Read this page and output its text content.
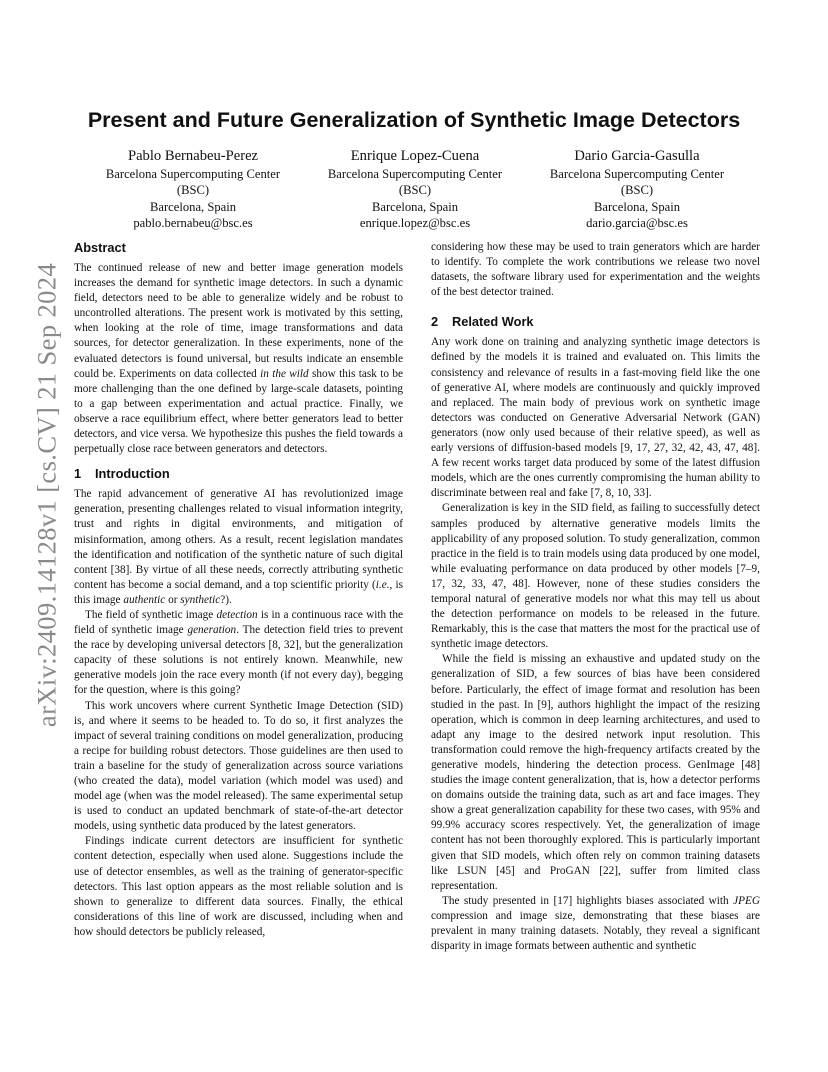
arXiv:2409.14128v1 [cs.CV] 21 Sep 2024
Present and Future Generalization of Synthetic Image Detectors
Pablo Bernabeu-Perez
Barcelona Supercomputing Center
(BSC)
Barcelona, Spain
pablo.bernabeu@bsc.es
Enrique Lopez-Cuena
Barcelona Supercomputing Center
(BSC)
Barcelona, Spain
enrique.lopez@bsc.es
Dario Garcia-Gasulla
Barcelona Supercomputing Center
(BSC)
Barcelona, Spain
dario.garcia@bsc.es
Abstract

The continued release of new and better image generation models increases the demand for synthetic image detectors. In such a dynamic field, detectors need to be able to generalize widely and be robust to uncontrolled alterations. The present work is motivated by this setting, when looking at the role of time, image transformations and data sources, for detector generalization. In these experiments, none of the evaluated detectors is found universal, but results indicate an ensemble could be. Experiments on data collected in the wild show this task to be more challenging than the one defined by large-scale datasets, pointing to a gap between experimentation and actual practice. Finally, we observe a race equilibrium effect, where better generators lead to better detectors, and vice versa. We hypothesize this pushes the field towards a perpetually close race between generators and detectors.

1 Introduction

The rapid advancement of generative AI has revolutionized image generation, presenting challenges related to visual information integrity, trust and rights in digital environments, and mitigation of misinformation, among others. As a result, recent legislation mandates the identification and notification of the synthetic nature of such digital content [38]. By virtue of all these needs, correctly attributing synthetic content has become a social demand, and a top scientific priority (i.e., is this image authentic or synthetic?).

The field of synthetic image detection is in a continuous race with the field of synthetic image generation. The detection field tries to prevent the race by developing universal detectors [8, 32], but the generalization capacity of these solutions is not entirely known. Meanwhile, new generative models join the race every month (if not every day), begging for the question, where is this going?

This work uncovers where current Synthetic Image Detection (SID) is, and where it seems to be headed to. To do so, it first analyzes the impact of several training conditions on model generalization, producing a recipe for building robust detectors. Those guidelines are then used to train a baseline for the study of generalization across source variations (who created the data), model variation (which model was used) and model age (when was the model released). The same experimental setup is used to conduct an updated benchmark of state-of-the-art detector models, using synthetic data produced by the latest generators.

Findings indicate current detectors are insufficient for synthetic content detection, especially when used alone. Suggestions include the use of detector ensembles, as well as the training of generator-specific detectors. This last option appears as the most reliable solution and is shown to generalize to different data sources. Finally, the ethical considerations of this line of work are discussed, including when and how should detectors be publicly released,

considering how these may be used to train generators which are harder to identify. To complete the work contributions we release two novel datasets, the software library used for experimentation and the weights of the best detector trained.

2 Related Work

Any work done on training and analyzing synthetic image detectors is defined by the models it is trained and evaluated on. This limits the consistency and relevance of results in a fast-moving field like the one of generative AI, where models are continuously and quickly improved and replaced. The main body of previous work on synthetic image detectors was conducted on Generative Adversarial Network (GAN) generators (now only used because of their relative speed), as well as early versions of diffusion-based models [9, 17, 27, 32, 42, 43, 47, 48]. A few recent works target data produced by some of the latest diffusion models, which are the ones currently compromising the human ability to discriminate between real and fake [7, 8, 10, 33].

Generalization is key in the SID field, as failing to successfully detect samples produced by alternative generative models limits the applicability of any proposed solution. To study generalization, common practice in the field is to train models using data produced by one model, while evaluating performance on data produced by other models [7–9, 17, 32, 33, 47, 48]. However, none of these studies considers the temporal natural of generative models nor what this may tell us about the detection performance on models to be released in the future. Remarkably, this is the case that matters the most for the practical use of synthetic image detectors.

While the field is missing an exhaustive and updated study on the generalization of SID, a few sources of bias have been considered before. Particularly, the effect of image format and resolution has been studied in the past. In [9], authors highlight the impact of the resizing operation, which is common in deep learning architectures, and used to adapt any image to the desired network input resolution. This transformation could remove the high-frequency artifacts created by the generative models, hindering the detection process. GenImage [48] studies the image content generalization, that is, how a detector performs on domains outside the training data, such as art and face images. They show a great generalization capability for these two cases, with 95% and 99.9% accuracy scores respectively. Yet, the generalization of image content has not been thoroughly explored. This is particularly important given that SID models, which often rely on common training datasets like LSUN [45] and ProGAN [22], suffer from limited class representation.

The study presented in [17] highlights biases associated with JPEG compression and image size, demonstrating that these biases are prevalent in many training datasets. Notably, they reveal a significant disparity in image formats between authentic and synthetic
